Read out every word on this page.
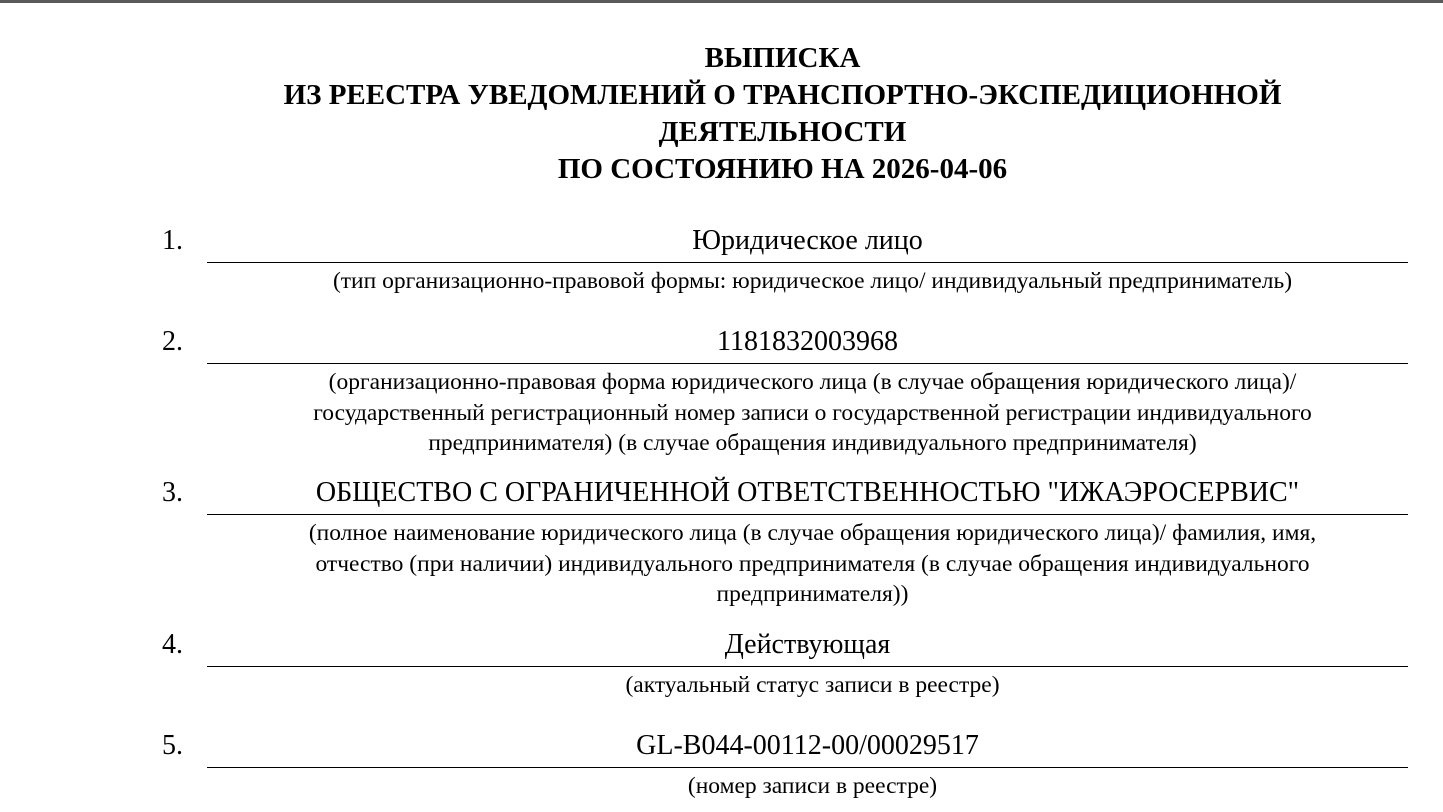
ВЫПИСКА
ИЗ РЕЕСТРА УВЕДОМЛЕНИЙ О ТРАНСПОРТНО-ЭКСПЕДИЦИОННОЙ
ДЕЯТЕЛЬНОСТИ
ПО СОСТОЯНИЮ НА 2026-04-06
1.	Юридическое лицо
(тип организационно-правовой формы: юридическое лицо/ индивидуальный предприниматель)
2.	1181832003968
(организационно-правовая форма юридического лица (в случае обращения юридического лица)/
государственный регистрационный номер записи о государственной регистрации индивидуального
предпринимателя) (в случае обращения индивидуального предпринимателя)
3.	ОБЩЕСТВО С ОГРАНИЧЕННОЙ ОТВЕТСТВЕННОСТЬЮ "ИЖАЭРОСЕРВИС"
(полное наименование юридического лица (в случае обращения юридического лица)/ фамилия, имя,
отчество (при наличии) индивидуального предпринимателя (в случае обращения индивидуального
предпринимателя))
4.	Действующая
(актуальный статус записи в реестре)
5.	GL-B044-00112-00/00029517
(номер записи в реестре)
